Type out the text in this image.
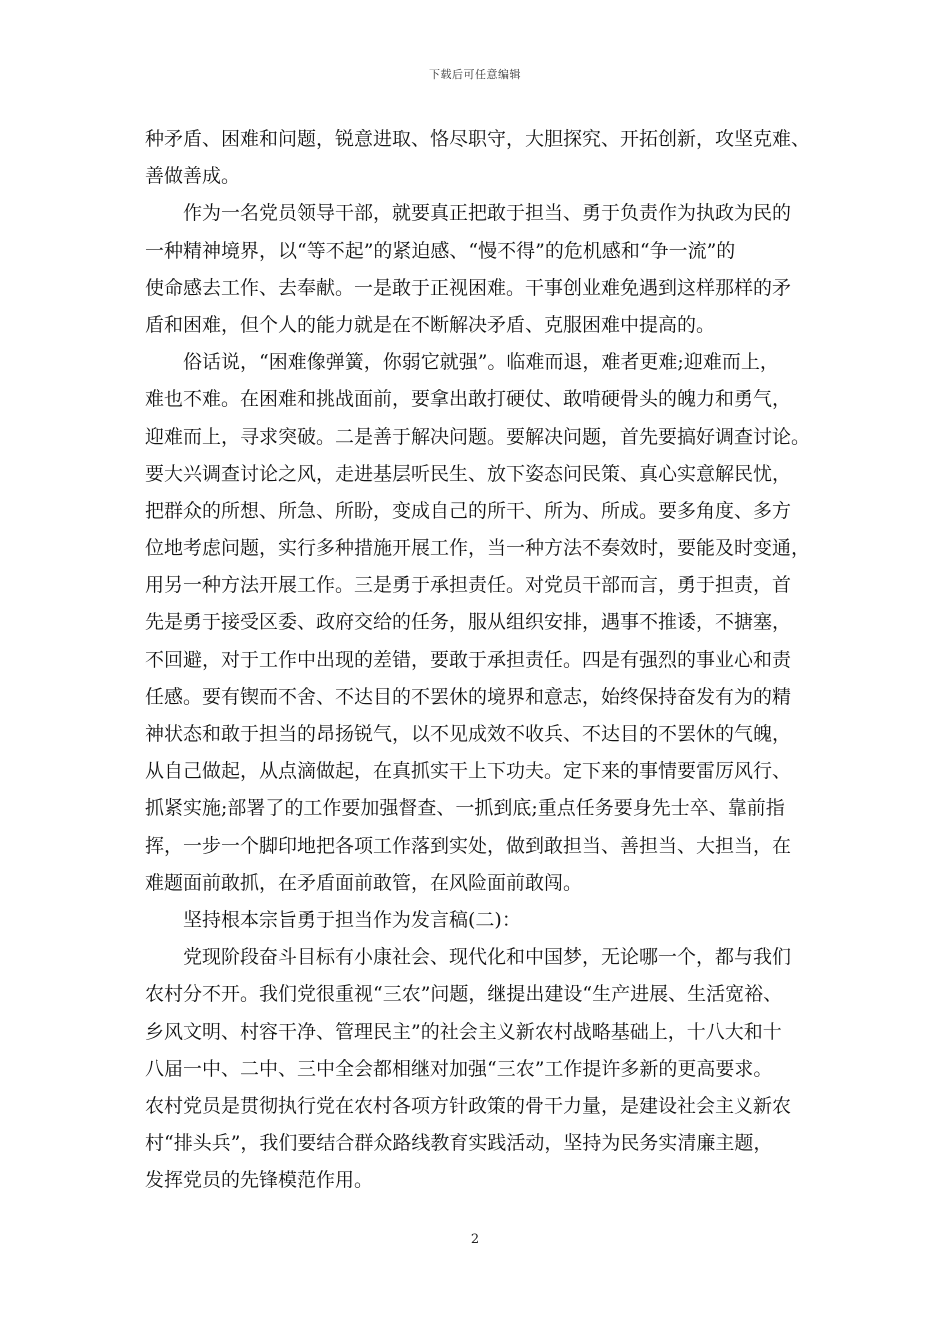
下载后可任意编辑
种矛盾、困难和问题，锐意进取、恪尽职守，大胆探究、开拓创新，攻坚克难、
善做善成。
作为一名党员领导干部，就要真正把敢于担当、勇于负责作为执政为民的
一种精神境界，以“等不起”的紧迫感、“慢不得”的危机感和“争一流”的
使命感去工作、去奉献。一是敢于正视困难。干事创业难免遇到这样那样的矛
盾和困难，但个人的能力就是在不断解决矛盾、克服困难中提高的。
俗话说，“困难像弹簧，你弱它就强”。临难而退，难者更难;迎难而上，
难也不难。在困难和挑战面前，要拿出敢打硬仗、敢啃硬骨头的魄力和勇气，
迎难而上，寻求突破。二是善于解决问题。要解决问题，首先要搞好调查讨论。
要大兴调查讨论之风，走进基层听民生、放下姿态问民策、真心实意解民忧，
把群众的所想、所急、所盼，变成自己的所干、所为、所成。要多角度、多方
位地考虑问题，实行多种措施开展工作，当一种方法不奏效时，要能及时变通，
用另一种方法开展工作。三是勇于承担责任。对党员干部而言，勇于担责，首
先是勇于接受区委、政府交给的任务，服从组织安排，遇事不推诿，不搪塞，
不回避，对于工作中出现的差错，要敢于承担责任。四是有强烈的事业心和责
任感。要有锲而不舍、不达目的不罢休的境界和意志，始终保持奋发有为的精
神状态和敢于担当的昂扬锐气，以不见成效不收兵、不达目的不罢休的气魄，
从自己做起，从点滴做起，在真抓实干上下功夫。定下来的事情要雷厉风行、
抓紧实施;部署了的工作要加强督查、一抓到底;重点任务要身先士卒、靠前指
挥，一步一个脚印地把各项工作落到实处，做到敢担当、善担当、大担当，在
难题面前敢抓，在矛盾面前敢管，在风险面前敢闯。
坚持根本宗旨勇于担当作为发言稿(二)：
党现阶段奋斗目标有小康社会、现代化和中国梦，无论哪一个，都与我们
农村分不开。我们党很重视“三农”问题，继提出建设“生产进展、生活宽裕、
乡风文明、村容干净、管理民主”的社会主义新农村战略基础上，十八大和十
八届一中、二中、三中全会都相继对加强“三农”工作提许多新的更高要求。
农村党员是贯彻执行党在农村各项方针政策的骨干力量，是建设社会主义新农
村“排头兵”，我们要结合群众路线教育实践活动，坚持为民务实清廉主题，
发挥党员的先锋模范作用。
2
